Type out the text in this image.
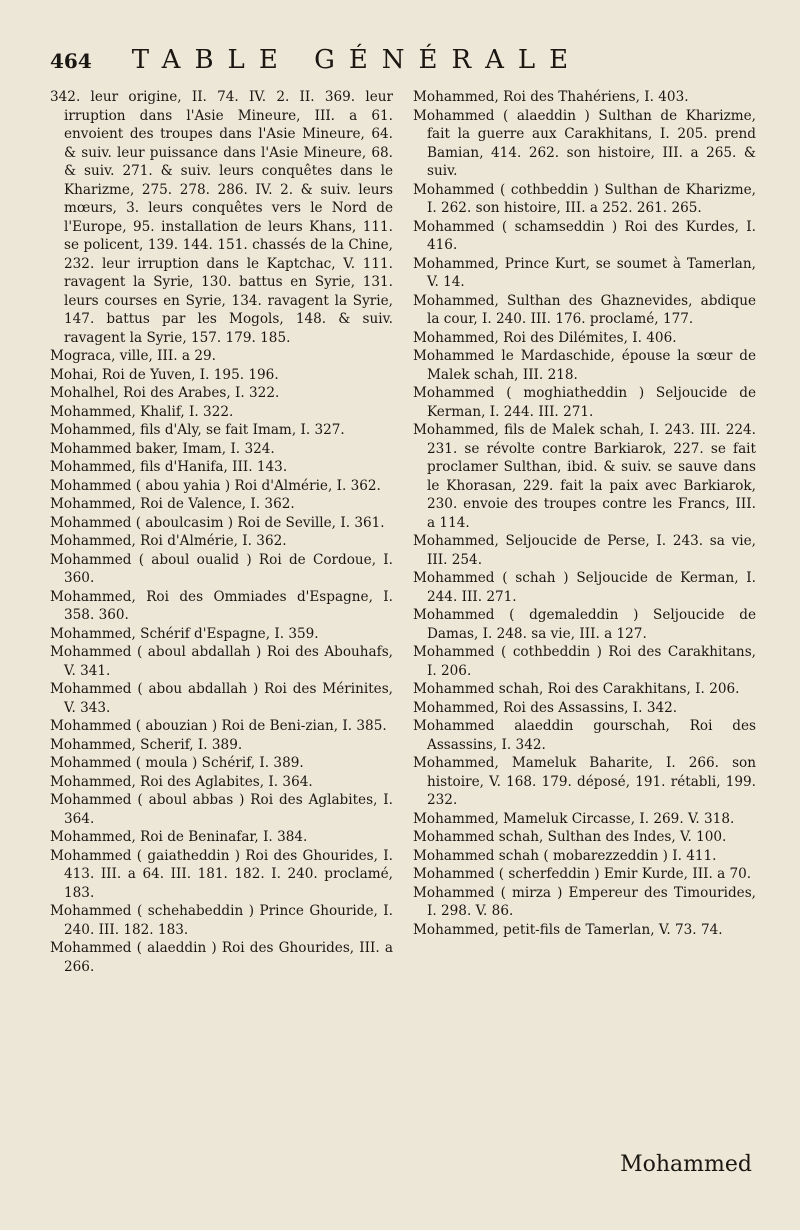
464 TABLE GÉNÉRALE

342. leur origine, II. 74. IV. 2. II. 369. leur irruption dans l'Asie Mineure, III. a 61. envoient des troupes dans l'Asie Mineure, 64. & suiv. leur puissance dans l'Asie Mineure, 68. & suiv. 271. & suiv. leurs conquêtes dans le Kharizme, 275. 278. 286. IV. 2. & suiv. leurs mœurs, 3. leurs conquêtes vers le Nord de l'Europe, 95. installation de leurs Khans, 111. se policent, 139. 144. 151. chassés de la Chine, 232. leur irruption dans le Kaptchac, V. 111. ravagent la Syrie, 130. battus en Syrie, 131. leurs courses en Syrie, 134. ravagent la Syrie, 147. battus par les Mogols, 148. & suiv. ravagent la Syrie, 157. 179. 185.

Mograca, ville, III. a 29.

Mohai, Roi de Yuven, I. 195. 196.

Mohalhel, Roi des Arabes, I. 322.

Mohammed, Khalif, I. 322.

Mohammed, fils d'Aly, se fait Imam, I. 327.

Mohammed baker, Imam, I. 324.

Mohammed, fils d'Hanifa, III. 143.

Mohammed ( abou yahia ) Roi d'Almérie, I. 362.

Mohammed, Roi de Valence, I. 362.

Mohammed ( aboulcasim ) Roi de Seville, I. 361.

Mohammed, Roi d'Almérie, I. 362.

Mohammed ( aboul oualid ) Roi de Cordoue, I. 360.

Mohammed, Roi des Ommiades d'Espagne, I. 358. 360.

Mohammed, Schérif d'Espagne, I. 359.

Mohammed ( aboul abdallah ) Roi des Abouhafs, V. 341.

Mohammed ( abou abdallah ) Roi des Mérinites, V. 343.

Mohammed ( abouzian ) Roi de Beni-zian, I. 385.

Mohammed, Scherif, I. 389.

Mohammed ( moula ) Schérif, I. 389.

Mohammed, Roi des Aglabites, I. 364.

Mohammed ( aboul abbas ) Roi des Aglabites, I. 364.

Mohammed, Roi de Beninafar, I. 384.

Mohammed ( gaiatheddin ) Roi des Ghourides, I. 413. III. a 64. III. 181. 182. I. 240. proclamé, 183.

Mohammed ( schehabeddin ) Prince Ghouride, I. 240. III. 182. 183.

Mohammed ( alaeddin ) Roi des Ghourides, III. a 266.

Mohammed, Roi des Thahériens, I. 403.

Mohammed ( alaeddin ) Sulthan de Kharizme, fait la guerre aux Carakhitans, I. 205. prend Bamian, 414. 262. son histoire, III. a 265. & suiv.

Mohammed ( cothbeddin ) Sulthan de Kharizme, I. 262. son histoire, III. a 252. 261. 265.

Mohammed ( schamseddin ) Roi des Kurdes, I. 416.

Mohammed, Prince Kurt, se soumet à Tamerlan, V. 14.

Mohammed, Sulthan des Ghaznevides, abdique la cour, I. 240. III. 176. proclamé, 177.

Mohammed, Roi des Dilémites, I. 406.

Mohammed le Mardaschide, épouse la sœur de Malek schah, III. 218.

Mohammed ( moghiatheddin ) Seljoucide de Kerman, I. 244. III. 271.

Mohammed, fils de Malek schah, I. 243. III. 224. 231. se révolte contre Barkiarok, 227. se fait proclamer Sulthan, ibid. & suiv. se sauve dans le Khorasan, 229. fait la paix avec Barkiarok, 230. envoie des troupes contre les Francs, III. a 114.

Mohammed, Seljoucide de Perse, I. 243. sa vie, III. 254.

Mohammed ( schah ) Seljoucide de Kerman, I. 244. III. 271.

Mohammed ( dgemaleddin ) Seljoucide de Damas, I. 248. sa vie, III. a 127.

Mohammed ( cothbeddin ) Roi des Carakhitans, I. 206.

Mohammed schah, Roi des Carakhitans, I. 206.

Mohammed, Roi des Assassins, I. 342.

Mohammed alaeddin gourschah, Roi des Assassins, I. 342.

Mohammed, Mameluk Baharite, I. 266. son histoire, V. 168. 179. déposé, 191. rétabli, 199. 232.

Mohammed, Mameluk Circasse, I. 269. V. 318.

Mohammed schah, Sulthan des Indes, V. 100.

Mohammed schah ( mobarezzeddin ) I. 411.

Mohammed ( scherfeddin ) Emir Kurde, III. a 70.

Mohammed ( mirza ) Empereur des Timourides, I. 298. V. 86.

Mohammed, petit-fils de Tamerlan, V. 73. 74.

Mohammed
